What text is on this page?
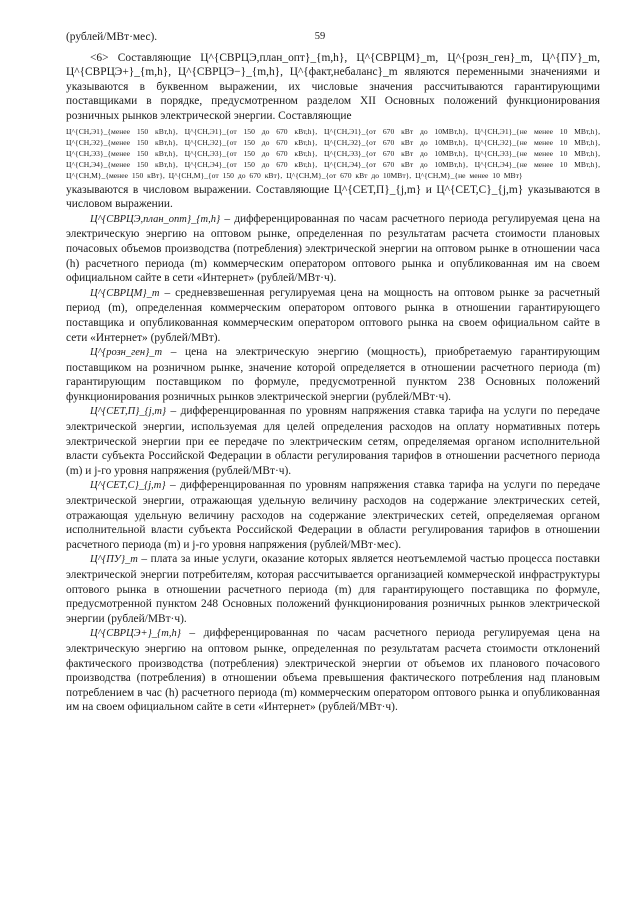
59

(рублей/МВт·мес).

<6> Составляющие Ц^{СВРЦЭ,план_опт}_{m,h}, Ц^{СВРЦМ}_m, Ц^{розн_ген}_m, Ц^{ПУ}_m, Ц^{СВРЦЭ+}_{m,h}, Ц^{СВРЦЭ−}_{m,h}, Ц^{факт,небаланс}_m являются переменными значениями и указываются в буквенном выражении, их числовые значения рассчитываются гарантирующими поставщиками в порядке, предусмотренном разделом XII Основных положений функционирования розничных рынков электрической энергии. Составляющие

Ц^{СН,Э1}_{менее 150 кВт,h}, Ц^{СН,Э1}_{от 150 до 670 кВт,h}, Ц^{СН,Э1}_{от 670 кВт до 10МВт,h}, Ц^{СН,Э1}_{не менее 10 МВт,h}, Ц^{СН,Э2}_{менее 150 кВт,h}, Ц^{СН,Э2}_{от 150 до 670 кВт,h}, Ц^{СН,Э2}_{от 670 кВт до 10МВт,h}, Ц^{СН,Э2}_{не менее 10 МВт,h}, Ц^{СН,Э3}_{менее 150 кВт,h}, Ц^{СН,Э3}_{от 150 до 670 кВт,h}, Ц^{СН,Э3}_{от 670 кВт до 10МВт,h}, Ц^{СН,Э3}_{не менее 10 МВт,h}, Ц^{СН,Э4}_{менее 150 кВт,h}, Ц^{СН,Э4}_{от 150 до 670 кВт,h}, Ц^{СН,Э4}_{от 670 кВт до 10МВт,h}, Ц^{СН,Э4}_{не менее 10 МВт,h}, Ц^{СН,М}_{менее 150 кВт}, Ц^{СН,М}_{от 150 до 670 кВт}, Ц^{СН,М}_{от 670 кВт до 10МВт}, Ц^{СН,М}_{не менее 10 МВт}

указываются в числовом выражении. Составляющие Ц^{СЕТ,П}_{j,m} и Ц^{СЕТ,С}_{j,m} указываются в числовом выражении.

Ц^{СВРЦЭ,план_опт}_{m,h} – дифференцированная по часам расчетного периода регулируемая цена на электрическую энергию на оптовом рынке, определенная по результатам расчета стоимости плановых почасовых объемов производства (потребления) электрической энергии на оптовом рынке в отношении часа (h) расчетного периода (m) коммерческим оператором оптового рынка и опубликованная им на своем официальном сайте в сети «Интернет» (рублей/МВт·ч).

Ц^{СВРЦМ}_m – средневзвешенная регулируемая цена на мощность на оптовом рынке за расчетный период (m), определенная коммерческим оператором оптового рынка в отношении гарантирующего поставщика и опубликованная коммерческим оператором оптового рынка на своем официальном сайте в сети «Интернет» (рублей/МВт).

Ц^{розн_ген}_m – цена на электрическую энергию (мощность), приобретаемую гарантирующим поставщиком на розничном рынке, значение которой определяется в отношении расчетного периода (m) гарантирующим поставщиком по формуле, предусмотренной пунктом 238 Основных положений функционирования розничных рынков электрической энергии (рублей/МВт·ч).

Ц^{СЕТ,П}_{j,m} – дифференцированная по уровням напряжения ставка тарифа на услуги по передаче электрической энергии, используемая для целей определения расходов на оплату нормативных потерь электрической энергии при ее передаче по электрическим сетям, определяемая органом исполнительной власти субъекта Российской Федерации в области регулирования тарифов в отношении расчетного периода (m) и j-го уровня напряжения (рублей/МВт·ч).

Ц^{СЕТ,С}_{j,m} – дифференцированная по уровням напряжения ставка тарифа на услуги по передаче электрической энергии, отражающая удельную величину расходов на содержание электрических сетей, отражающая удельную величину расходов на содержание электрических сетей, определяемая органом исполнительной власти субъекта Российской Федерации в области регулирования тарифов в отношении расчетного периода (m) и j-го уровня напряжения (рублей/МВт·мес).

Ц^{ПУ}_m – плата за иные услуги, оказание которых является неотъемлемой частью процесса поставки электрической энергии потребителям, которая рассчитывается организацией коммерческой инфраструктуры оптового рынка в отношении расчетного периода (m) для гарантирующего поставщика по формуле, предусмотренной пунктом 248 Основных положений функционирования розничных рынков электрической энергии (рублей/МВт·ч).

Ц^{СВРЦЭ+}_{m,h} – дифференцированная по часам расчетного периода регулируемая цена на электрическую энергию на оптовом рынке, определенная по результатам расчета стоимости отклонений фактического производства (потребления) электрической энергии от объемов их планового почасового производства (потребления) в отношении объема превышения фактического потребления над плановым потреблением в час (h) расчетного периода (m) коммерческим оператором оптового рынка и опубликованная им на своем официальном сайте в сети «Интернет» (рублей/МВт·ч).
